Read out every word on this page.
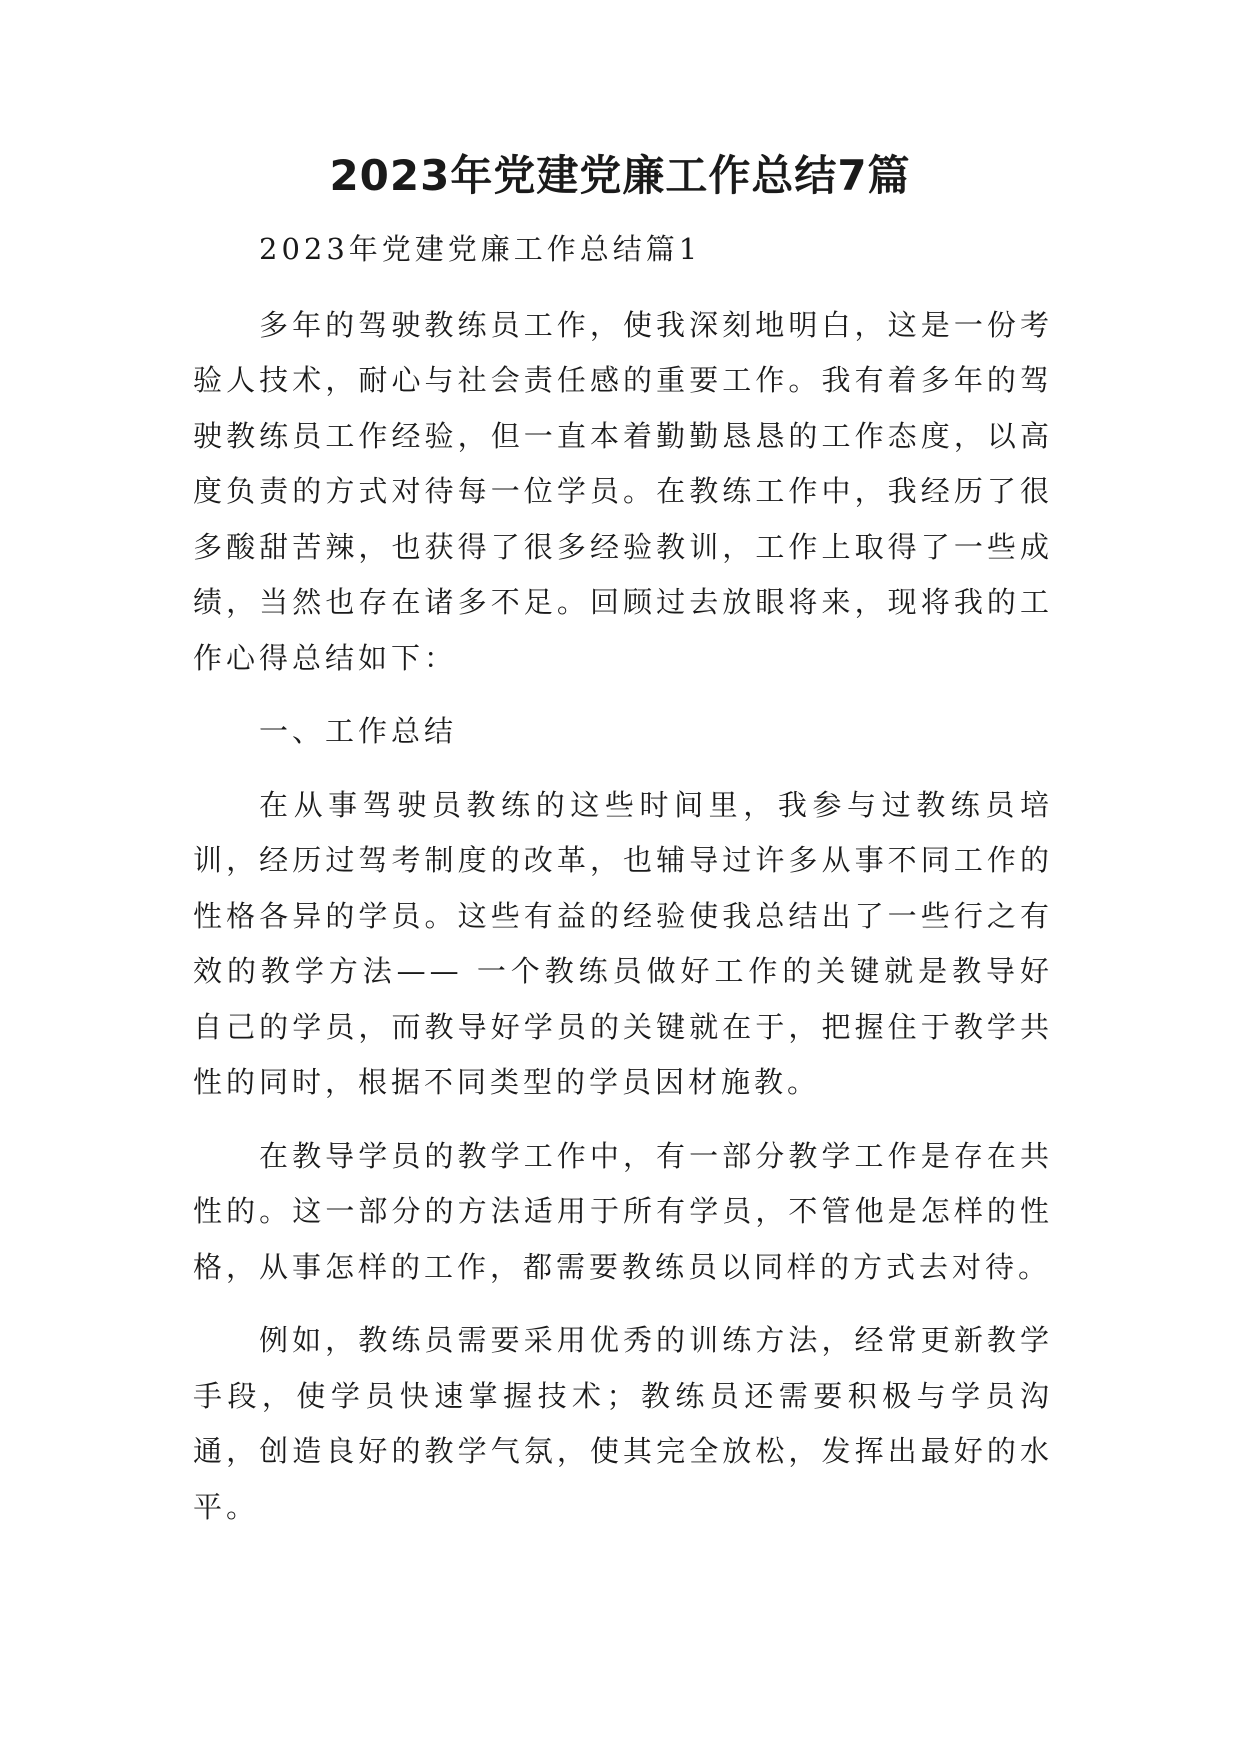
2023年党建党廉工作总结7篇

2023年党建党廉工作总结篇1

多年的驾驶教练员工作，使我深刻地明白，这是一份考验人技术，耐心与社会责任感的重要工作。我有着多年的驾驶教练员工作经验，但一直本着勤勤恳恳的工作态度，以高度负责的方式对待每一位学员。在教练工作中，我经历了很多酸甜苦辣，也获得了很多经验教训，工作上取得了一些成绩，当然也存在诸多不足。回顾过去放眼将来，现将我的工作心得总结如下：

一、工作总结

在从事驾驶员教练的这些时间里，我参与过教练员培训，经历过驾考制度的改革，也辅导过许多从事不同工作的性格各异的学员。这些有益的经验使我总结出了一些行之有效的教学方法—— 一个教练员做好工作的关键就是教导好自己的学员，而教导好学员的关键就在于，把握住于教学共性的同时，根据不同类型的学员因材施教。

在教导学员的教学工作中，有一部分教学工作是存在共性的。这一部分的方法适用于所有学员，不管他是怎样的性格，从事怎样的工作，都需要教练员以同样的方式去对待。

例如，教练员需要采用优秀的训练方法，经常更新教学手段，使学员快速掌握技术；教练员还需要积极与学员沟通，创造良好的教学气氛，使其完全放松，发挥出最好的水平。
